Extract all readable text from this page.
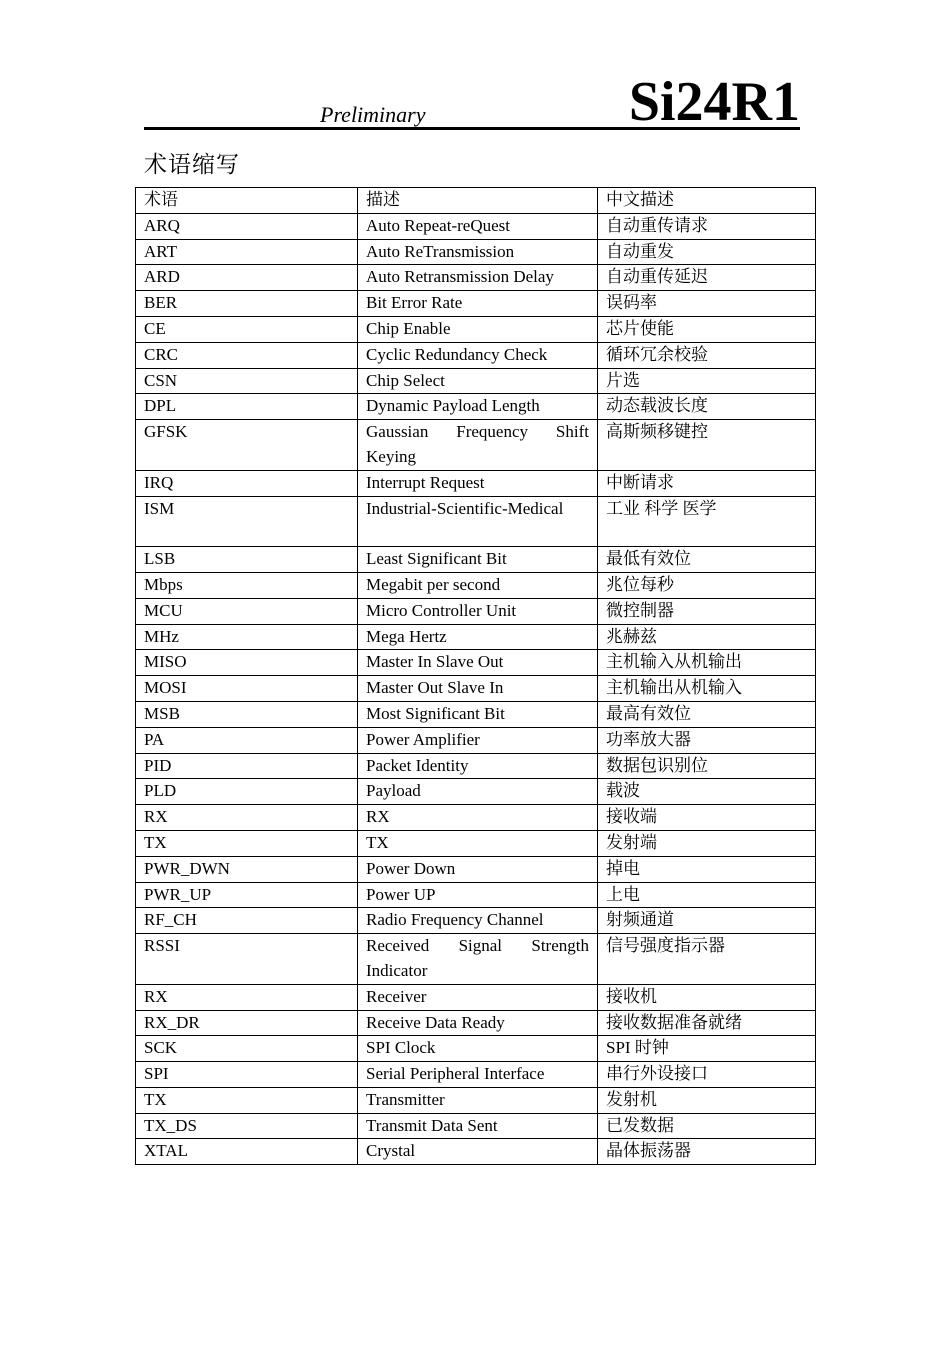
Preliminary	Si24R1
术语缩写
术语	描述	中文描述
ARQ	Auto Repeat-reQuest	自动重传请求
ART	Auto ReTransmission	自动重发
ARD	Auto Retransmission Delay	自动重传延迟
BER	Bit Error Rate	误码率
CE	Chip Enable	芯片使能
CRC	Cyclic Redundancy Check	循环冗余校验
CSN	Chip Select	片选
DPL	Dynamic Payload Length	动态载波长度
GFSK	Gaussian Frequency Shift Keying	高斯频移键控
IRQ	Interrupt Request	中断请求
ISM	Industrial-Scientific-Medical	工业 科学 医学
LSB	Least Significant Bit	最低有效位
Mbps	Megabit per second	兆位每秒
MCU	Micro Controller Unit	微控制器
MHz	Mega Hertz	兆赫兹
MISO	Master In Slave Out	主机输入从机输出
MOSI	Master Out Slave In	主机输出从机输入
MSB	Most Significant Bit	最高有效位
PA	Power Amplifier	功率放大器
PID	Packet Identity	数据包识别位
PLD	Payload	载波
RX	RX	接收端
TX	TX	发射端
PWR_DWN	Power Down	掉电
PWR_UP	Power UP	上电
RF_CH	Radio Frequency Channel	射频通道
RSSI	Received Signal Strength Indicator	信号强度指示器
RX	Receiver	接收机
RX_DR	Receive Data Ready	接收数据准备就绪
SCK	SPI Clock	SPI 时钟
SPI	Serial Peripheral Interface	串行外设接口
TX	Transmitter	发射机
TX_DS	Transmit Data Sent	已发数据
XTAL	Crystal	晶体振荡器
